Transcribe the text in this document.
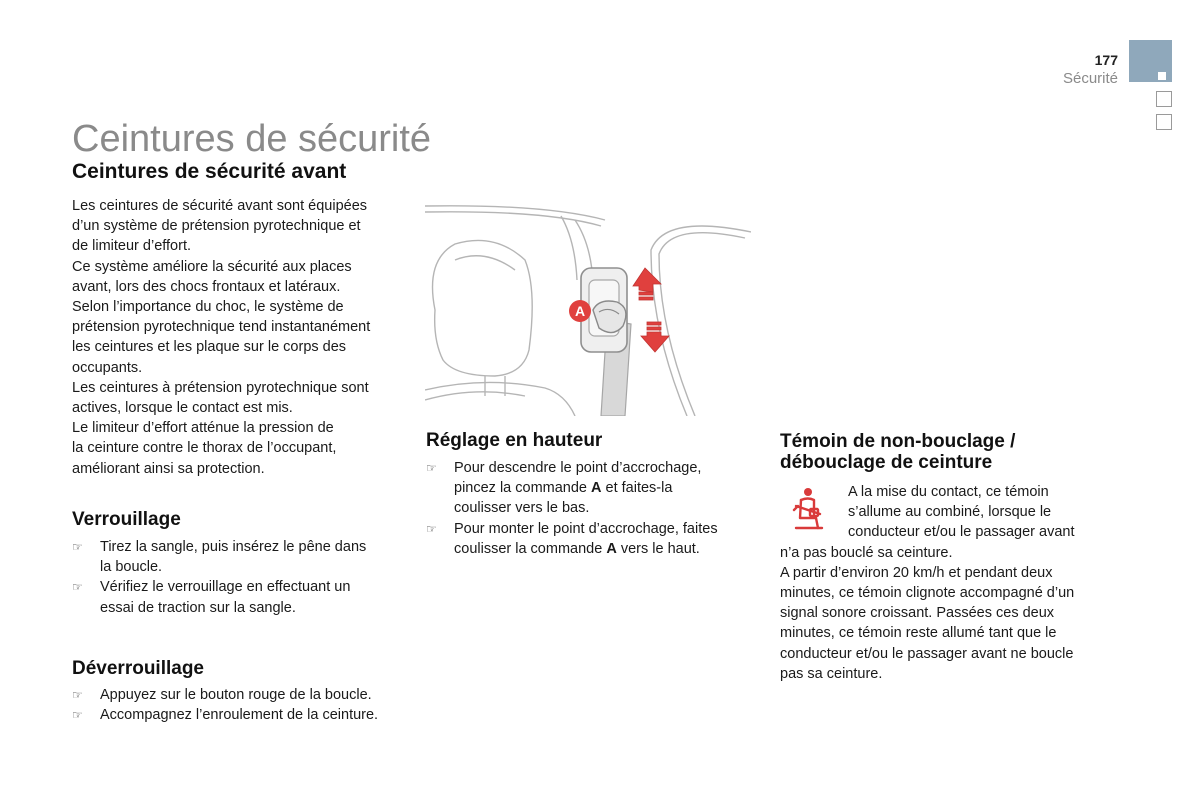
177
Sécurité
Ceintures de sécurité
Ceintures de sécurité avant
Les ceintures de sécurité avant sont équipées
d’un système de prétension pyrotechnique et
de limiteur d’effort.
Ce système améliore la sécurité aux places
avant, lors des chocs frontaux et latéraux.
Selon l’importance du choc, le système de
prétension pyrotechnique tend instantanément
les ceintures et les plaque sur le corps des
occupants.
Les ceintures à prétension pyrotechnique sont
actives, lorsque le contact est mis.
Le limiteur d’effort atténue la pression de
la ceinture contre le thorax de l’occupant,
améliorant ainsi sa protection.
Verrouillage
☞ Tirez la sangle, puis insérez le pêne dans
la boucle.
☞ Vérifiez le verrouillage en effectuant un
essai de traction sur la sangle.
Déverrouillage
☞ Appuyez sur le bouton rouge de la boucle.
☞ Accompagnez l’enroulement de la ceinture.
A
Réglage en hauteur
☞ Pour descendre le point d’accrochage,
pincez la commande A et faites-la
coulisser vers le bas.
☞ Pour monter le point d’accrochage, faites
coulisser la commande A vers le haut.
Témoin de non-bouclage /
débouclage de ceinture
A la mise du contact, ce témoin
s’allume au combiné, lorsque le
conducteur et/ou le passager avant
n’a pas bouclé sa ceinture.
A partir d’environ 20 km/h et pendant deux
minutes, ce témoin clignote accompagné d’un
signal sonore croissant. Passées ces deux
minutes, ce témoin reste allumé tant que le
conducteur et/ou le passager avant ne boucle
pas sa ceinture.
